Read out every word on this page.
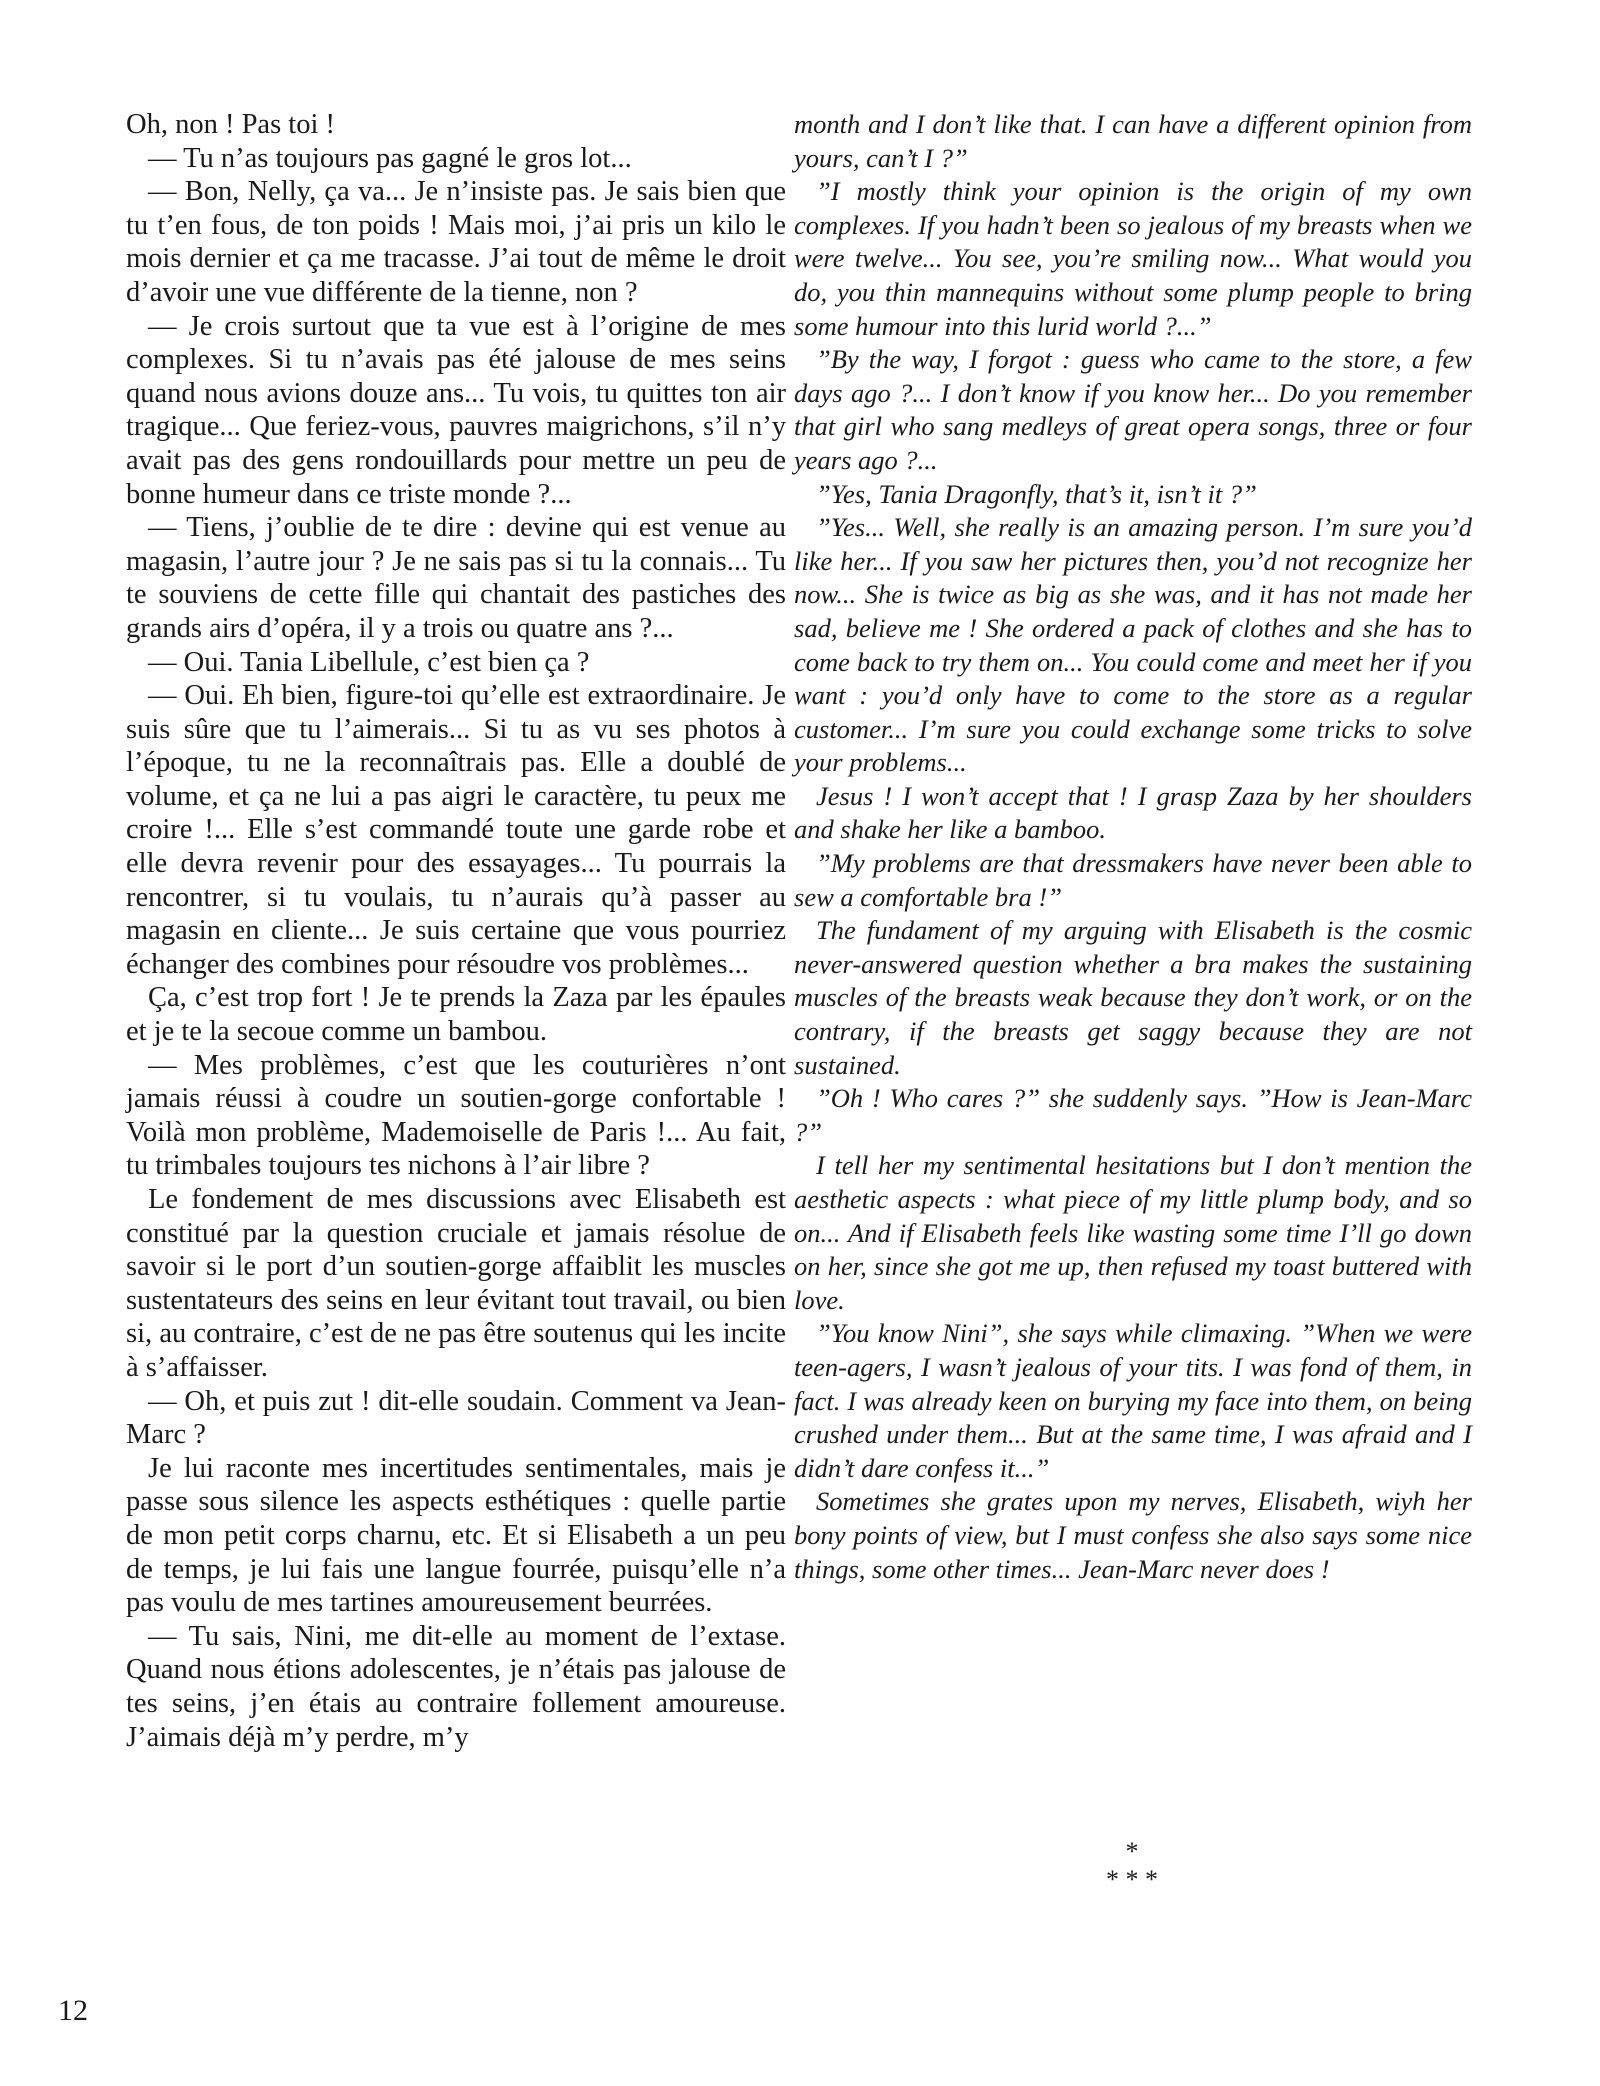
Oh, non ! Pas toi !

— Tu n’as toujours pas gagné le gros lot...

— Bon, Nelly, ça va... Je n’insiste pas. Je sais bien que tu t’en fous, de ton poids ! Mais moi, j’ai pris un kilo le mois dernier et ça me tracasse. J’ai tout de même le droit d’avoir une vue différente de la tienne, non ?

— Je crois surtout que ta vue est à l’origine de mes complexes. Si tu n’avais pas été jalouse de mes seins quand nous avions douze ans... Tu vois, tu quittes ton air tragique... Que feriez-vous, pauvres maigrichons, s’il n’y avait pas des gens rondouillards pour mettre un peu de bonne humeur dans ce triste monde ?...

— Tiens, j’oublie de te dire : devine qui est venue au magasin, l’autre jour ? Je ne sais pas si tu la connais... Tu te souviens de cette fille qui chantait des pastiches des grands airs d’opéra, il y a trois ou quatre ans ?...

— Oui. Tania Libellule, c’est bien ça ?

— Oui. Eh bien, figure-toi qu’elle est extraordinaire. Je suis sûre que tu l’aimerais... Si tu as vu ses photos à l’époque, tu ne la reconnaîtrais pas. Elle a doublé de volume, et ça ne lui a pas aigri le caractère, tu peux me croire !... Elle s’est commandé toute une garde robe et elle devra revenir pour des essayages... Tu pourrais la rencontrer, si tu voulais, tu n’aurais qu’à passer au magasin en cliente... Je suis certaine que vous pourriez échanger des combines pour résoudre vos problèmes...

Ça, c’est trop fort ! Je te prends la Zaza par les épaules et je te la secoue comme un bambou.

— Mes problèmes, c’est que les couturières n’ont jamais réussi à coudre un soutien-gorge confortable ! Voilà mon problème, Mademoiselle de Paris !... Au fait, tu trimbales toujours tes nichons à l’air libre ?

Le fondement de mes discussions avec Elisabeth est constitué par la question cruciale et jamais résolue de savoir si le port d’un soutien-gorge affaiblit les muscles sustentateurs des seins en leur évitant tout travail, ou bien si, au contraire, c’est de ne pas être soutenus qui les incite à s’affaisser.

— Oh, et puis zut ! dit-elle soudain. Comment va Jean-Marc ?

Je lui raconte mes incertitudes sentimentales, mais je passe sous silence les aspects esthétiques : quelle partie de mon petit corps charnu, etc. Et si Elisabeth a un peu de temps, je lui fais une langue fourrée, puisqu’elle n’a pas voulu de mes tartines amoureusement beurrées.

— Tu sais, Nini, me dit-elle au moment de l’extase. Quand nous étions adolescentes, je n’étais pas jalouse de tes seins, j’en étais au contraire follement amoureuse. J’aimais déjà m’y perdre, m’y

month and I don’t like that. I can have a different opinion from yours, can’t I ?”

”I mostly think your opinion is the origin of my own complexes. If you hadn’t been so jealous of my breasts when we were twelve... You see, you’re smiling now... What would you do, you thin mannequins without some plump people to bring some humour into this lurid world ?...”

”By the way, I forgot : guess who came to the store, a few days ago ?... I don’t know if you know her... Do you remember that girl who sang medleys of great opera songs, three or four years ago ?...

”Yes, Tania Dragonfly, that’s it, isn’t it ?”

”Yes... Well, she really is an amazing person. I’m sure you’d like her... If you saw her pictures then, you’d not recognize her now... She is twice as big as she was, and it has not made her sad, believe me ! She ordered a pack of clothes and she has to come back to try them on... You could come and meet her if you want : you’d only have to come to the store as a regular customer... I’m sure you could exchange some tricks to solve your problems...

Jesus ! I won’t accept that ! I grasp Zaza by her shoulders and shake her like a bamboo.

”My problems are that dressmakers have never been able to sew a comfortable bra !”

The fundament of my arguing with Elisabeth is the cosmic never-answered question whether a bra makes the sustaining muscles of the breasts weak because they don’t work, or on the contrary, if the breasts get saggy because they are not sustained.

”Oh ! Who cares ?” she suddenly says. ”How is Jean-Marc ?”

I tell her my sentimental hesitations but I don’t mention the aesthetic aspects : what piece of my little plump body, and so on... And if Elisabeth feels like wasting some time I’ll go down on her, since she got me up, then refused my toast buttered with love.

”You know Nini”, she says while climaxing. ”When we were teen-agers, I wasn’t jealous of your tits. I was fond of them, in fact. I was already keen on burying my face into them, on being crushed under them... But at the same time, I was afraid and I didn’t dare confess it...”

Sometimes she grates upon my nerves, Elisabeth, wiyh her bony points of view, but I must confess she also says some nice things, some other times... Jean-Marc never does !

*
* * *
12
